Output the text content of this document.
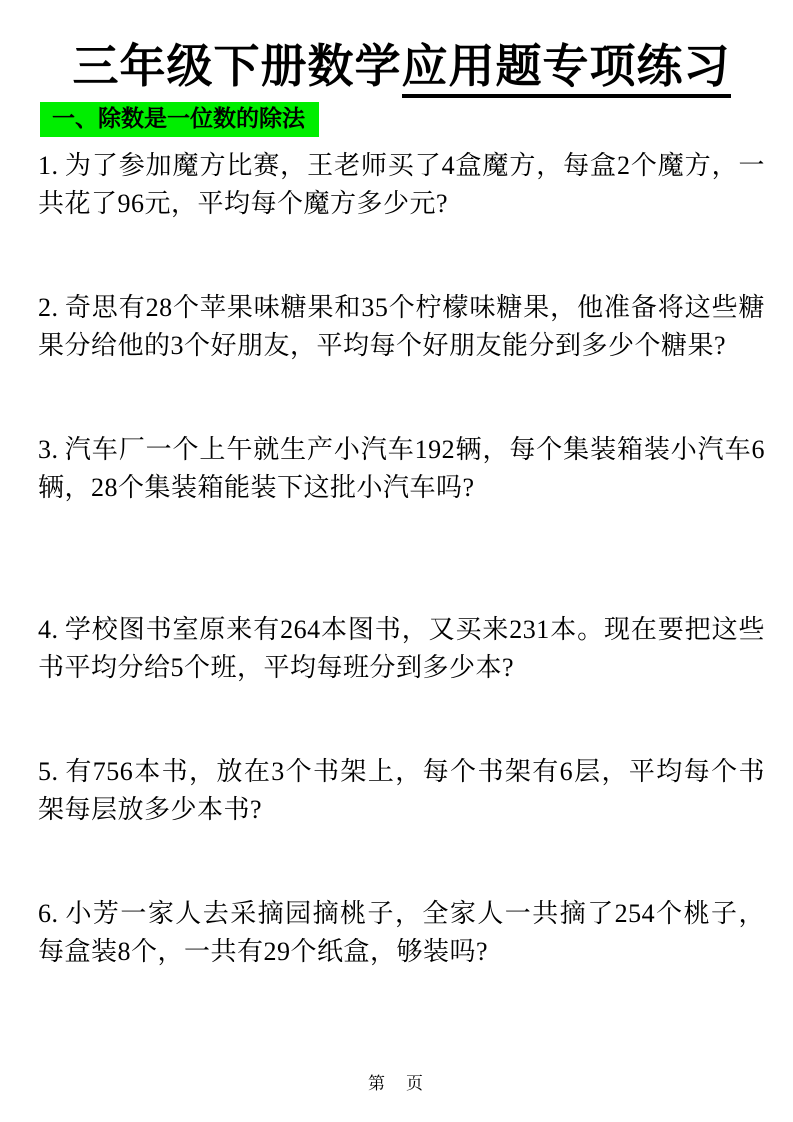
三年级下册数学应用题专项练习
一、除数是一位数的除法

1. 为了参加魔方比赛，王老师买了4盒魔方，每盒2个魔方，一共花了96元，平均每个魔方多少元?

2. 奇思有28个苹果味糖果和35个柠檬味糖果，他准备将这些糖果分给他的3个好朋友，平均每个好朋友能分到多少个糖果?

3. 汽车厂一个上午就生产小汽车192辆，每个集装箱装小汽车6辆，28个集装箱能装下这批小汽车吗?

4. 学校图书室原来有264本图书，又买来231本。现在要把这些书平均分给5个班，平均每班分到多少本?

5. 有756本书，放在3个书架上，每个书架有6层，平均每个书架每层放多少本书?

6. 小芳一家人去采摘园摘桃子，全家人一共摘了254个桃子，每盒装8个，一共有29个纸盒，够装吗?

第　页
